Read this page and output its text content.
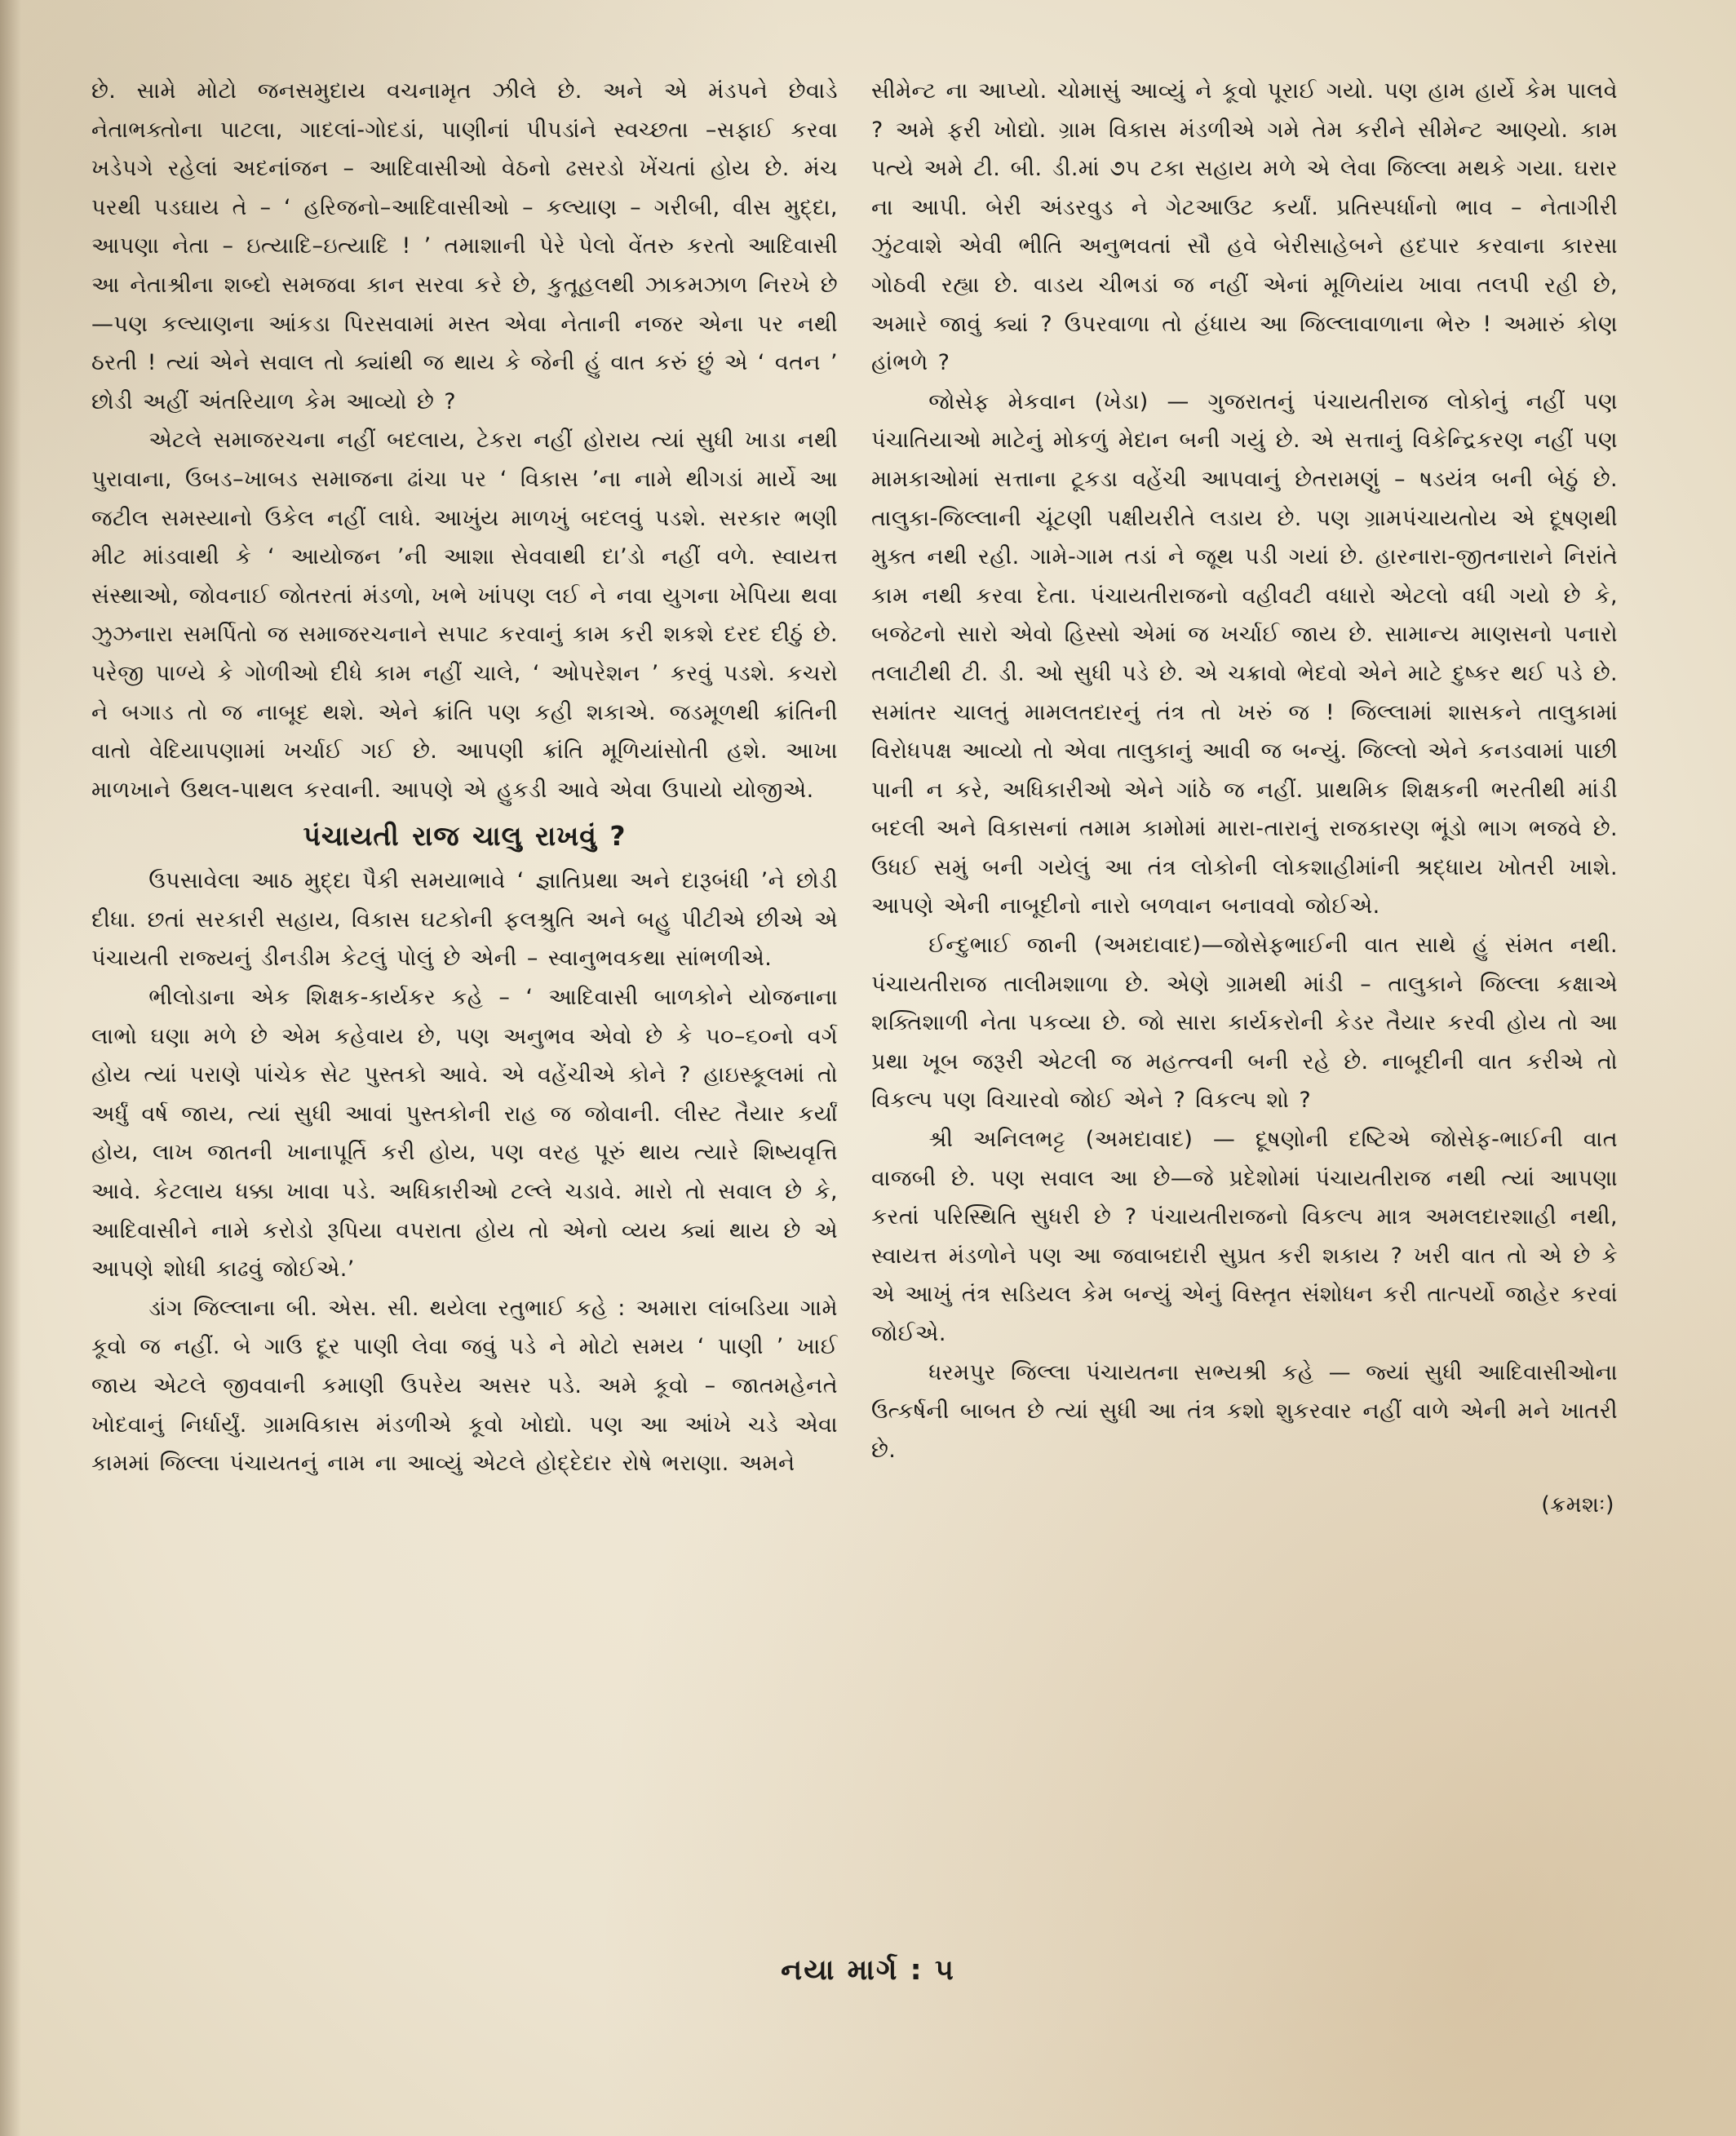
છે. સામે મોટો જનસમુદાય વચનામૃત ઝીલે છે. અને એ મંડપને છેવાડે નેતાભક્તોના પાટલા, ગાદલાં-ગોદડાં, પાણીનાં પીપડાંને સ્વચ્છતા –સફાઈ કરવા ખડેપગે રહેલાં અદનાંજન – આદિવાસીઓ વેઠનો ઢસરડો ખેંચતાં હોય છે. મંચ પરથી પડઘાય તે – ‘ હરિજનો–આદિવાસીઓ – કલ્યાણ – ગરીબી, વીસ મુદ્દા, આપણા નેતા – ઇત્યાદિ–ઇત્યાદિ ! ’ તમાશાની પેરે પેલો વેંતરુ કરતો આદિવાસી આ નેતાશ્રીના શબ્દો સમજવા કાન સરવા કરે છે, કુતૂહલથી ઝાકમઝાળ નિરખે છે—પણ કલ્યાણના આંકડા પિરસવામાં મસ્ત એવા નેતાની નજર એના પર નથી ઠરતી ! ત્યાં એને સવાલ તો ક્યાંથી જ થાય કે જેની હું વાત કરું છું એ ‘ વતન ’ છોડી અહીં અંતરિયાળ કેમ આવ્યો છે ?

એટલે સમાજરચના નહીં બદલાય, ટેકરા નહીં હોરાય ત્યાં સુધી ખાડા નથી પુરાવાના, ઉબડ–ખાબડ સમાજના ઢાંચા પર ‘ વિકાસ ’ના નામે થીગડાં માર્યે આ જટીલ સમસ્યાનો ઉકેલ નહીં લાધે. આખુંય માળખું બદલવું પડશે. સરકાર ભણી મીટ માંડવાથી કે ‘ આયોજન ’ની આશા સેવવાથી દા’ડો નહીં વળે. સ્વાયત્ત સંસ્થાઓ, જોવનાઈ જોતરતાં મંડળો, ખભે ખાંપણ લઈ ને નવા યુગના ખેપિયા થવા ઝુઝનારા સમર્પિતો જ સમાજરચનાને સપાટ કરવાનું કામ કરી શકશે દરદ દીઠું છે. પરેજી પાળ્યે કે ગોળીઓ દીધે કામ નહીં ચાલે, ‘ ઓપરેશન ’ કરવું પડશે. કચરો ને બગાડ તો જ નાબૂદ થશે. એને ક્રાંતિ પણ કહી શકાએ. જડમૂળથી ક્રાંતિની વાતો વેદિયાપણામાં ખર્ચાઈ ગઈ છે. આપણી ક્રાંતિ મૂળિયાંસોતી હશે. આખા માળખાને ઉથલ-પાથલ કરવાની. આપણે એ હુકડી આવે એવા ઉપાયો યોજીએ.

પંચાયતી રાજ ચાલુ રાખવું ?

ઉપસાવેલા આઠ મુદ્દા પૈકી સમયાભાવે ‘ જ્ઞાતિપ્રથા અને દારૂબંધી ’ને છોડી દીધા. છતાં સરકારી સહાય, વિકાસ ઘટકોની ફલશ્રુતિ અને બહુ પીટીએ છીએ એ પંચાયતી રાજ્યનું ડીનડીમ કેટલું પોલું છે એની – સ્વાનુભવકથા સાંભળીએ.

ભીલોડાના એક શિક્ષક-કાર્યકર કહે – ‘ આદિવાસી બાળકોને યોજનાના લાભો ઘણા મળે છે એમ કહેવાય છે, પણ અનુભવ એવો છે કે ૫૦–૬૦નો વર્ગ હોય ત્યાં પરાણે પાંચેક સેટ પુસ્તકો આવે. એ વહેંચીએ કોને ? હાઇસ્કૂલમાં તો અર્ધું વર્ષ જાય, ત્યાં સુધી આવાં પુસ્તકોની રાહ જ જોવાની. લીસ્ટ તૈયાર કર્યાં હોય, લાખ જાતની ખાનાપૂર્તિ કરી હોય, પણ વરહ પૂરું થાય ત્યારે શિષ્યવૃત્તિ આવે. કેટલાય ધક્કા ખાવા પડે. અધિકારીઓ ટલ્લે ચડાવે. મારો તો સવાલ છે કે, આદિવાસીને નામે કરોડો રૂપિયા વપરાતા હોય તો એનો વ્યય ક્યાં થાય છે એ આપણે શોધી કાઢવું જોઈએ.’

ડાંગ જિલ્લાના બી. એસ. સી. થયેલા રતુભાઈ કહે : અમારા લાંબડિયા ગામે કૂવો જ નહીં. બે ગાઉ દૂર પાણી લેવા જવું પડે ને મોટો સમય ‘ પાણી ’ ખાઈ જાય એટલે જીવવાની કમાણી ઉપરેય અસર પડે. અમે કૂવો – જાતમહેનતે ખોદવાનું નિર્ધાર્યું. ગ્રામવિકાસ મંડળીએ કૂવો ખોદ્યો. પણ આ આંખે ચડે એવા કામમાં જિલ્લા પંચાયતનું નામ ના આવ્યું એટલે હોદ્દેદાર રોષે ભરાણા. અમને

સીમેન્ટ ના આપ્યો. ચોમાસું આવ્યું ને કૂવો પૂરાઈ ગયો. પણ હામ હાર્યે કેમ પાલવે ? અમે ફરી ખોદ્યો. ગ્રામ વિકાસ મંડળીએ ગમે તેમ કરીને સીમેન્ટ આણ્યો. કામ પત્યે અમે ટી. બી. ડી.માં ૭૫ ટકા સહાય મળે એ લેવા જિલ્લા મથકે ગયા. ઘરાર ના આપી. બેરી અંડરવુડ ને ગેટઆઉટ કર્યાં. પ્રતિસ્પર્ધાનો ભાવ – નેતાગીરી ઝુંટવાશે એવી ભીતિ અનુભવતાં સૌ હવે બેરીસાહેબને હદપાર કરવાના કારસા ગોઠવી રહ્યા છે. વાડય ચીભડાં જ નહીં એનાં મૂળિયાંય ખાવા તલપી રહી છે, અમારે જાવું ક્યાં ? ઉપરવાળા તો હંધાય આ જિલ્લાવાળાના ભેરુ ! અમારું કોણ હાંભળે ?

જોસેફ મેકવાન (ખેડા) — ગુજરાતનું પંચાયતીરાજ લોકોનું નહીં પણ પંચાતિયાઓ માટેનું મોકળું મેદાન બની ગયું છે. એ સત્તાનું વિકેન્દ્રિકરણ નહીં પણ મામકાઓમાં સત્તાના ટૂકડા વહેંચી આપવાનું છેતરામણું – ષડયંત્ર બની બેઠું છે. તાલુકા-જિલ્લાની ચૂંટણી પક્ષીયરીતે લડાય છે. પણ ગ્રામપંચાયતોય એ દૂષણથી મુક્ત નથી રહી. ગામે-ગામ તડાં ને જૂથ પડી ગયાં છે. હારનારા-જીતનારાને નિરાંતે કામ નથી કરવા દેતા. પંચાયતીરાજનો વહીવટી વધારો એટલો વધી ગયો છે કે, બજેટનો સારો એવો હિસ્સો એમાં જ ખર્ચાઈ જાય છે. સામાન્ય માણસનો પનારો તલાટીથી ટી. ડી. ઓ સુધી પડે છે. એ ચક્રાવો ભેદવો એને માટે દુષ્કર થઈ પડે છે. સમાંતર ચાલતું મામલતદારનું તંત્ર તો ખરું જ ! જિલ્લામાં શાસકને તાલુકામાં વિરોધપક્ષ આવ્યો તો એવા તાલુકાનું આવી જ બન્યું. જિલ્લો એને કનડવામાં પાછી પાની ન કરે, અધિકારીઓ એને ગાંઠે જ નહીં. પ્રાથમિક શિક્ષકની ભરતીથી માંડી બદલી અને વિકાસનાં તમામ કામોમાં મારા-તારાનું રાજકારણ ભૂંડો ભાગ ભજવે છે. ઉધઈ સમું બની ગયેલું આ તંત્ર લોકોની લોકશાહીમાંની શ્રદ્ધાય ખોતરી ખાશે. આપણે એની નાબૂદીનો નારો બળવાન બનાવવો જોઈએ.

ઈન્દુભાઈ જાની (અમદાવાદ)—જોસેફભાઈની વાત સાથે હું સંમત નથી. પંચાયતીરાજ તાલીમશાળા છે. એણે ગ્રામથી માંડી – તાલુકાને જિલ્લા કક્ષાએ શક્તિશાળી નેતા પકવ્યા છે. જો સારા કાર્યકરોની કેડર તૈયાર કરવી હોય તો આ પ્રથા ખૂબ જરૂરી એટલી જ મહત્ત્વની બની રહે છે. નાબૂદીની વાત કરીએ તો વિકલ્પ પણ વિચારવો જોઈ એને ? વિકલ્પ શો ?

શ્રી અનિલભટ્ટ (અમદાવાદ) — દૂષણોની દષ્ટિએ જોસેફ-ભાઈની વાત વાજબી છે. પણ સવાલ આ છે—જે પ્રદેશોમાં પંચાયતીરાજ નથી ત્યાં આપણા કરતાં પરિસ્થિતિ સુધરી છે ? પંચાયતીરાજનો વિકલ્પ માત્ર અમલદારશાહી નથી, સ્વાયત્ત મંડળોને પણ આ જવાબદારી સુપ્રત કરી શકાય ? ખરી વાત તો એ છે કે એ આખું તંત્ર સડિયલ કેમ બન્યું એનું વિસ્તૃત સંશોધન કરી તાત્પર્યો જાહેર કરવાં જોઈએ.

ધરમપુર જિલ્લા પંચાયતના સભ્યશ્રી કહે — જ્યાં સુધી આદિવાસીઓના ઉત્કર્ષની બાબત છે ત્યાં સુધી આ તંત્ર કશો શુકરવાર નહીં વાળે એની મને ખાતરી છે.

(ક્રમશઃ)
નયા માર્ગ : ૫
